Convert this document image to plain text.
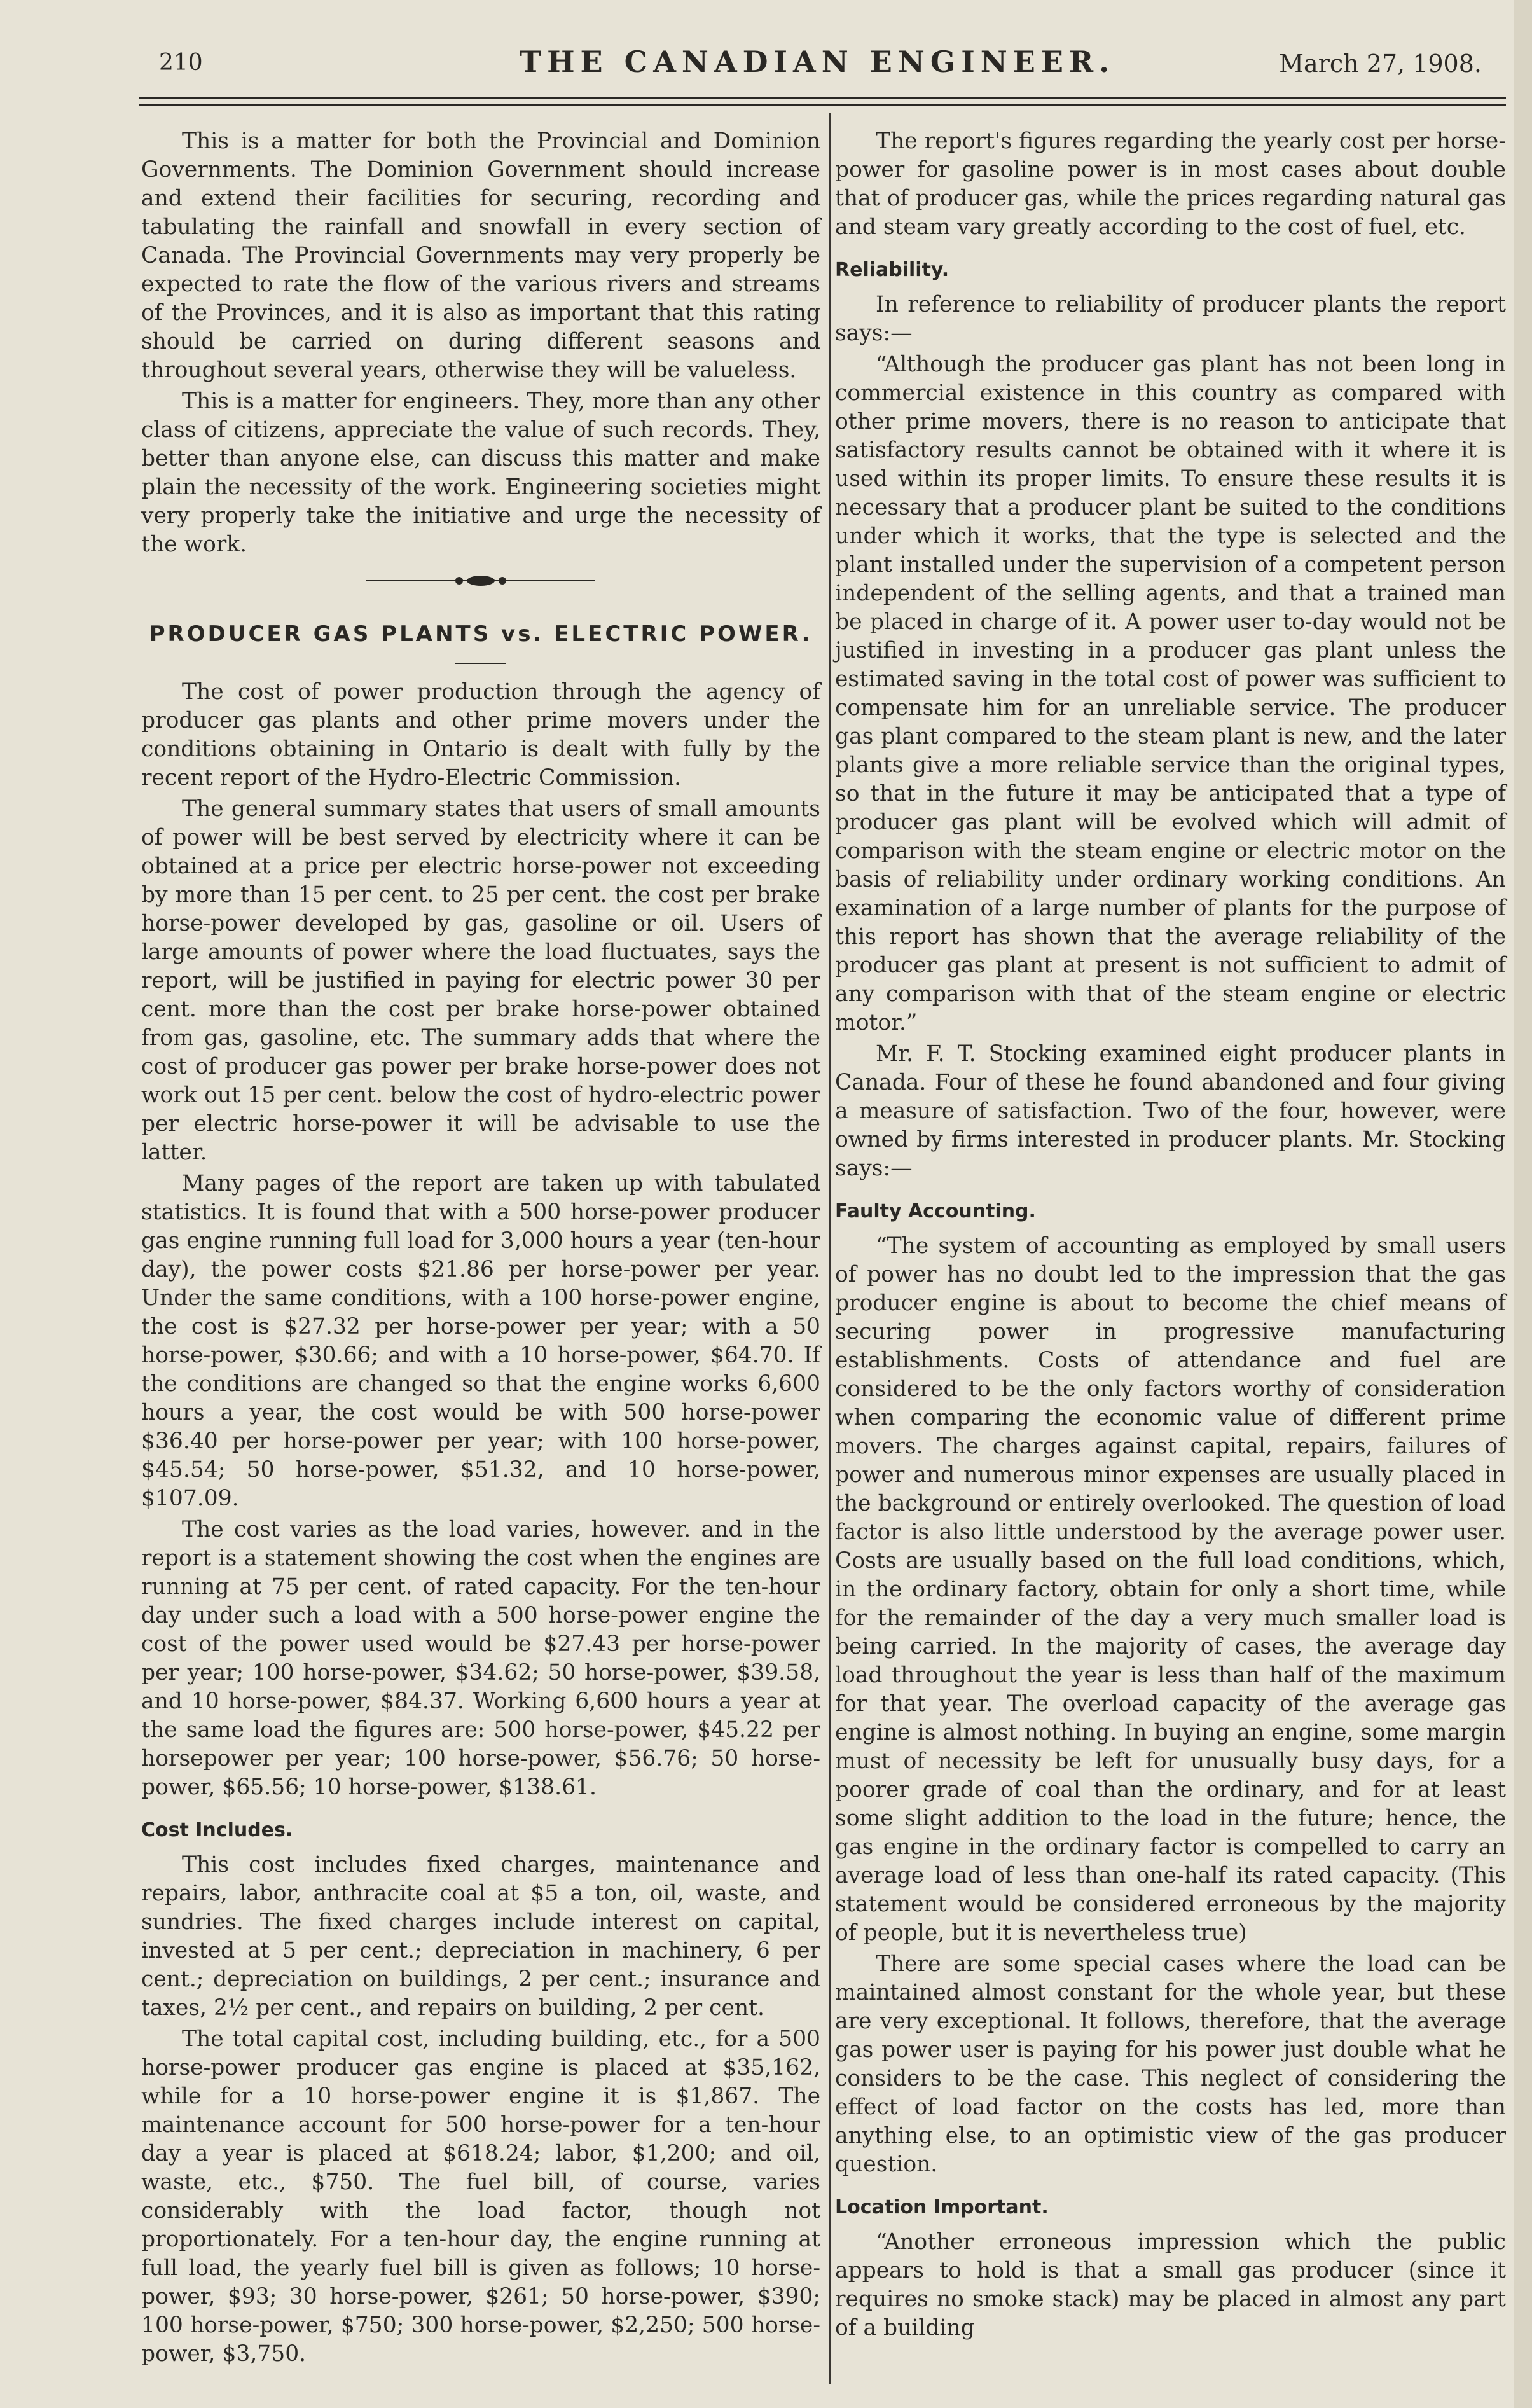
210	THE CANADIAN ENGINEER.	March 27, 1908.

This is a matter for both the Provincial and Dominion Governments. The Dominion Government should increase and extend their facilities for securing, recording and tabulating the rainfall and snowfall in every section of Canada. The Provincial Governments may very properly be expected to rate the flow of the various rivers and streams of the Provinces, and it is also as important that this rating should be carried on during different seasons and throughout several years, otherwise they will be valueless.

This is a matter for engineers. They, more than any other class of citizens, appreciate the value of such records. They, better than anyone else, can discuss this matter and make plain the necessity of the work. Engineering societies might very properly take the initiative and urge the necessity of the work.

PRODUCER GAS PLANTS vs. ELECTRIC POWER.

The cost of power production through the agency of producer gas plants and other prime movers under the conditions obtaining in Ontario is dealt with fully by the recent report of the Hydro-Electric Commission.

The general summary states that users of small amounts of power will be best served by electricity where it can be obtained at a price per electric horse-power not exceeding by more than 15 per cent. to 25 per cent. the cost per brake horse-power developed by gas, gasoline or oil. Users of large amounts of power where the load fluctuates, says the report, will be justified in paying for electric power 30 per cent. more than the cost per brake horse-power obtained from gas, gasoline, etc. The summary adds that where the cost of producer gas power per brake horse-power does not work out 15 per cent. below the cost of hydro-electric power per electric horse-power it will be advisable to use the latter.

Many pages of the report are taken up with tabulated statistics. It is found that with a 500 horse-power producer gas engine running full load for 3,000 hours a year (ten-hour day), the power costs $21.86 per horse-power per year. Under the same conditions, with a 100 horse-power engine, the cost is $27.32 per horse-power per year; with a 50 horse-power, $30.66; and with a 10 horse-power, $64.70. If the conditions are changed so that the engine works 6,600 hours a year, the cost would be with 500 horse-power $36.40 per horse-power per year; with 100 horse-power, $45.54; 50 horse-power, $51.32, and 10 horse-power, $107.09.

The cost varies as the load varies, however. and in the report is a statement showing the cost when the engines are running at 75 per cent. of rated capacity. For the ten-hour day under such a load with a 500 horse-power engine the cost of the power used would be $27.43 per horse-power per year; 100 horse-power, $34.62; 50 horse-power, $39.58, and 10 horse-power, $84.37. Working 6,600 hours a year at the same load the figures are: 500 horse-power, $45.22 per horsepower per year; 100 horse-power, $56.76; 50 horse-power, $65.56; 10 horse-power, $138.61.

Cost Includes.

This cost includes fixed charges, maintenance and repairs, labor, anthracite coal at $5 a ton, oil, waste, and sundries. The fixed charges include interest on capital, invested at 5 per cent.; depreciation in machinery, 6 per cent.; depreciation on buildings, 2 per cent.; insurance and taxes, 2½ per cent., and repairs on building, 2 per cent.

The total capital cost, including building, etc., for a 500 horse-power producer gas engine is placed at $35,162, while for a 10 horse-power engine it is $1,867. The maintenance account for 500 horse-power for a ten-hour day a year is placed at $618.24; labor, $1,200; and oil, waste, etc., $750. The fuel bill, of course, varies considerably with the load factor, though not proportionately. For a ten-hour day, the engine running at full load, the yearly fuel bill is given as follows; 10 horse-power, $93; 30 horse-power, $261; 50 horse-power, $390; 100 horse-power, $750; 300 horse-power, $2,250; 500 horse-power, $3,750.

The report's figures regarding the yearly cost per horse-power for gasoline power is in most cases about double that of producer gas, while the prices regarding natural gas and steam vary greatly according to the cost of fuel, etc.

Reliability.

In reference to reliability of producer plants the report says:—

“Although the producer gas plant has not been long in commercial existence in this country as compared with other prime movers, there is no reason to anticipate that satisfactory results cannot be obtained with it where it is used within its proper limits. To ensure these results it is necessary that a producer plant be suited to the conditions under which it works, that the type is selected and the plant installed under the supervision of a competent person independent of the selling agents, and that a trained man be placed in charge of it. A power user to-day would not be justified in investing in a producer gas plant unless the estimated saving in the total cost of power was sufficient to compensate him for an unreliable service. The producer gas plant compared to the steam plant is new, and the later plants give a more reliable service than the original types, so that in the future it may be anticipated that a type of producer gas plant will be evolved which will admit of comparison with the steam engine or electric motor on the basis of reliability under ordinary working conditions. An examination of a large number of plants for the purpose of this report has shown that the average reliability of the producer gas plant at present is not sufficient to admit of any comparison with that of the steam engine or electric motor.”

Mr. F. T. Stocking examined eight producer plants in Canada. Four of these he found abandoned and four giving a measure of satisfaction. Two of the four, however, were owned by firms interested in producer plants. Mr. Stocking says:—

Faulty Accounting.

“The system of accounting as employed by small users of power has no doubt led to the impression that the gas producer engine is about to become the chief means of securing power in progressive manufacturing establishments. Costs of attendance and fuel are considered to be the only factors worthy of consideration when comparing the economic value of different prime movers. The charges against capital, repairs, failures of power and numerous minor expenses are usually placed in the background or entirely overlooked. The question of load factor is also little understood by the average power user. Costs are usually based on the full load conditions, which, in the ordinary factory, obtain for only a short time, while for the remainder of the day a very much smaller load is being carried. In the majority of cases, the average day load throughout the year is less than half of the maximum for that year. The overload capacity of the average gas engine is almost nothing. In buying an engine, some margin must of necessity be left for unusually busy days, for a poorer grade of coal than the ordinary, and for at least some slight addition to the load in the future; hence, the gas engine in the ordinary factor is compelled to carry an average load of less than one-half its rated capacity. (This statement would be considered erroneous by the majority of people, but it is nevertheless true)

There are some special cases where the load can be maintained almost constant for the whole year, but these are very exceptional. It follows, therefore, that the average gas power user is paying for his power just double what he considers to be the case. This neglect of considering the effect of load factor on the costs has led, more than anything else, to an optimistic view of the gas producer question.

Location Important.

“Another erroneous impression which the public appears to hold is that a small gas producer (since it requires no smoke stack) may be placed in almost any part of a building
